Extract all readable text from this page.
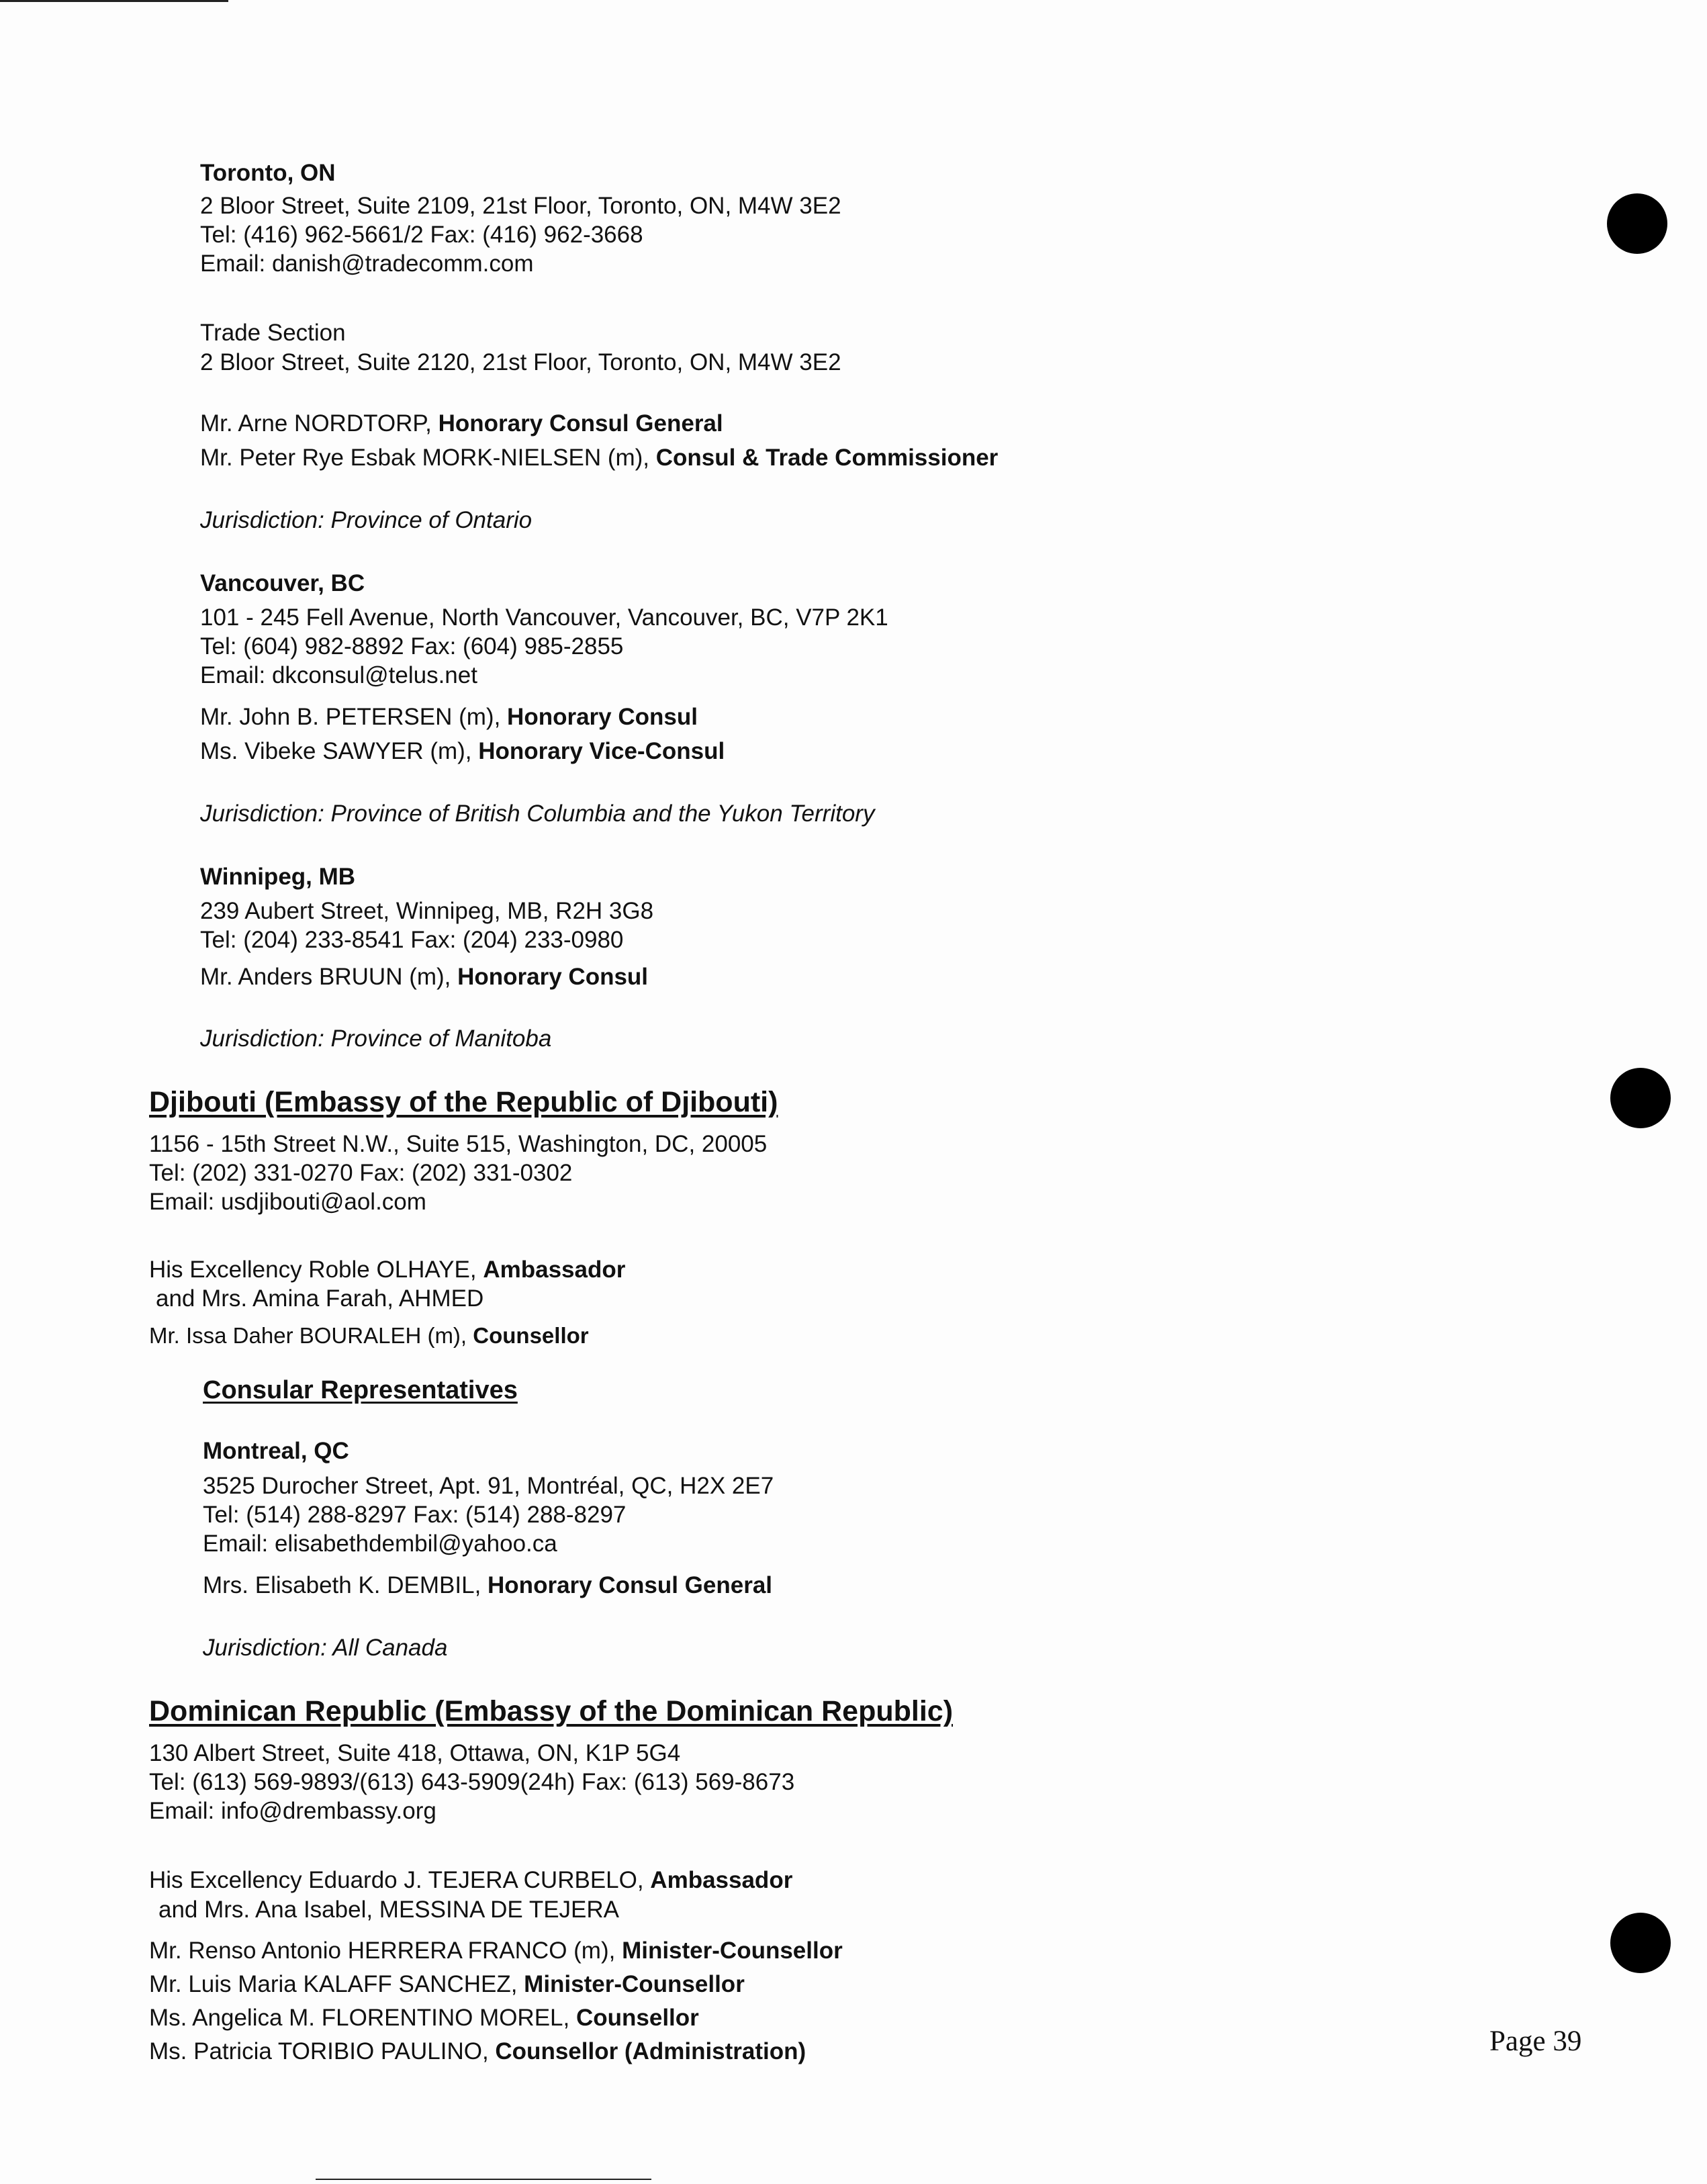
Toronto, ON
2 Bloor Street, Suite 2109, 21st Floor, Toronto, ON, M4W 3E2
Tel: (416) 962-5661/2 Fax: (416) 962-3668
Email: danish@tradecomm.com
Trade Section
2 Bloor Street, Suite 2120, 21st Floor, Toronto, ON, M4W 3E2
Mr. Arne NORDTORP, Honorary Consul General
Mr. Peter Rye Esbak MORK-NIELSEN (m), Consul & Trade Commissioner
Jurisdiction: Province of Ontario
Vancouver, BC
101 - 245 Fell Avenue, North Vancouver, Vancouver, BC, V7P 2K1
Tel: (604) 982-8892 Fax: (604) 985-2855
Email: dkconsul@telus.net
Mr. John B. PETERSEN (m), Honorary Consul
Ms. Vibeke SAWYER (m), Honorary Vice-Consul
Jurisdiction: Province of British Columbia and the Yukon Territory
Winnipeg, MB
239 Aubert Street, Winnipeg, MB, R2H 3G8
Tel: (204) 233-8541 Fax: (204) 233-0980
Mr. Anders BRUUN (m), Honorary Consul
Jurisdiction: Province of Manitoba
Djibouti (Embassy of the Republic of Djibouti)
1156 - 15th Street N.W., Suite 515, Washington, DC, 20005
Tel: (202) 331-0270 Fax: (202) 331-0302
Email: usdjibouti@aol.com
His Excellency Roble OLHAYE, Ambassador
and Mrs. Amina Farah, AHMED
Mr. Issa Daher BOURALEH (m), Counsellor
Consular Representatives
Montreal, QC
3525 Durocher Street, Apt. 91, Montréal, QC, H2X 2E7
Tel: (514) 288-8297 Fax: (514) 288-8297
Email: elisabethdembil@yahoo.ca
Mrs. Elisabeth K. DEMBIL, Honorary Consul General
Jurisdiction: All Canada
Dominican Republic (Embassy of the Dominican Republic)
130 Albert Street, Suite 418, Ottawa, ON, K1P 5G4
Tel: (613) 569-9893/(613) 643-5909(24h) Fax: (613) 569-8673
Email: info@drembassy.org
His Excellency Eduardo J. TEJERA CURBELO, Ambassador
and Mrs. Ana Isabel, MESSINA DE TEJERA
Mr. Renso Antonio HERRERA FRANCO (m), Minister-Counsellor
Mr. Luis Maria KALAFF SANCHEZ, Minister-Counsellor
Ms. Angelica M. FLORENTINO MOREL, Counsellor
Ms. Patricia TORIBIO PAULINO, Counsellor (Administration)	Page 39
